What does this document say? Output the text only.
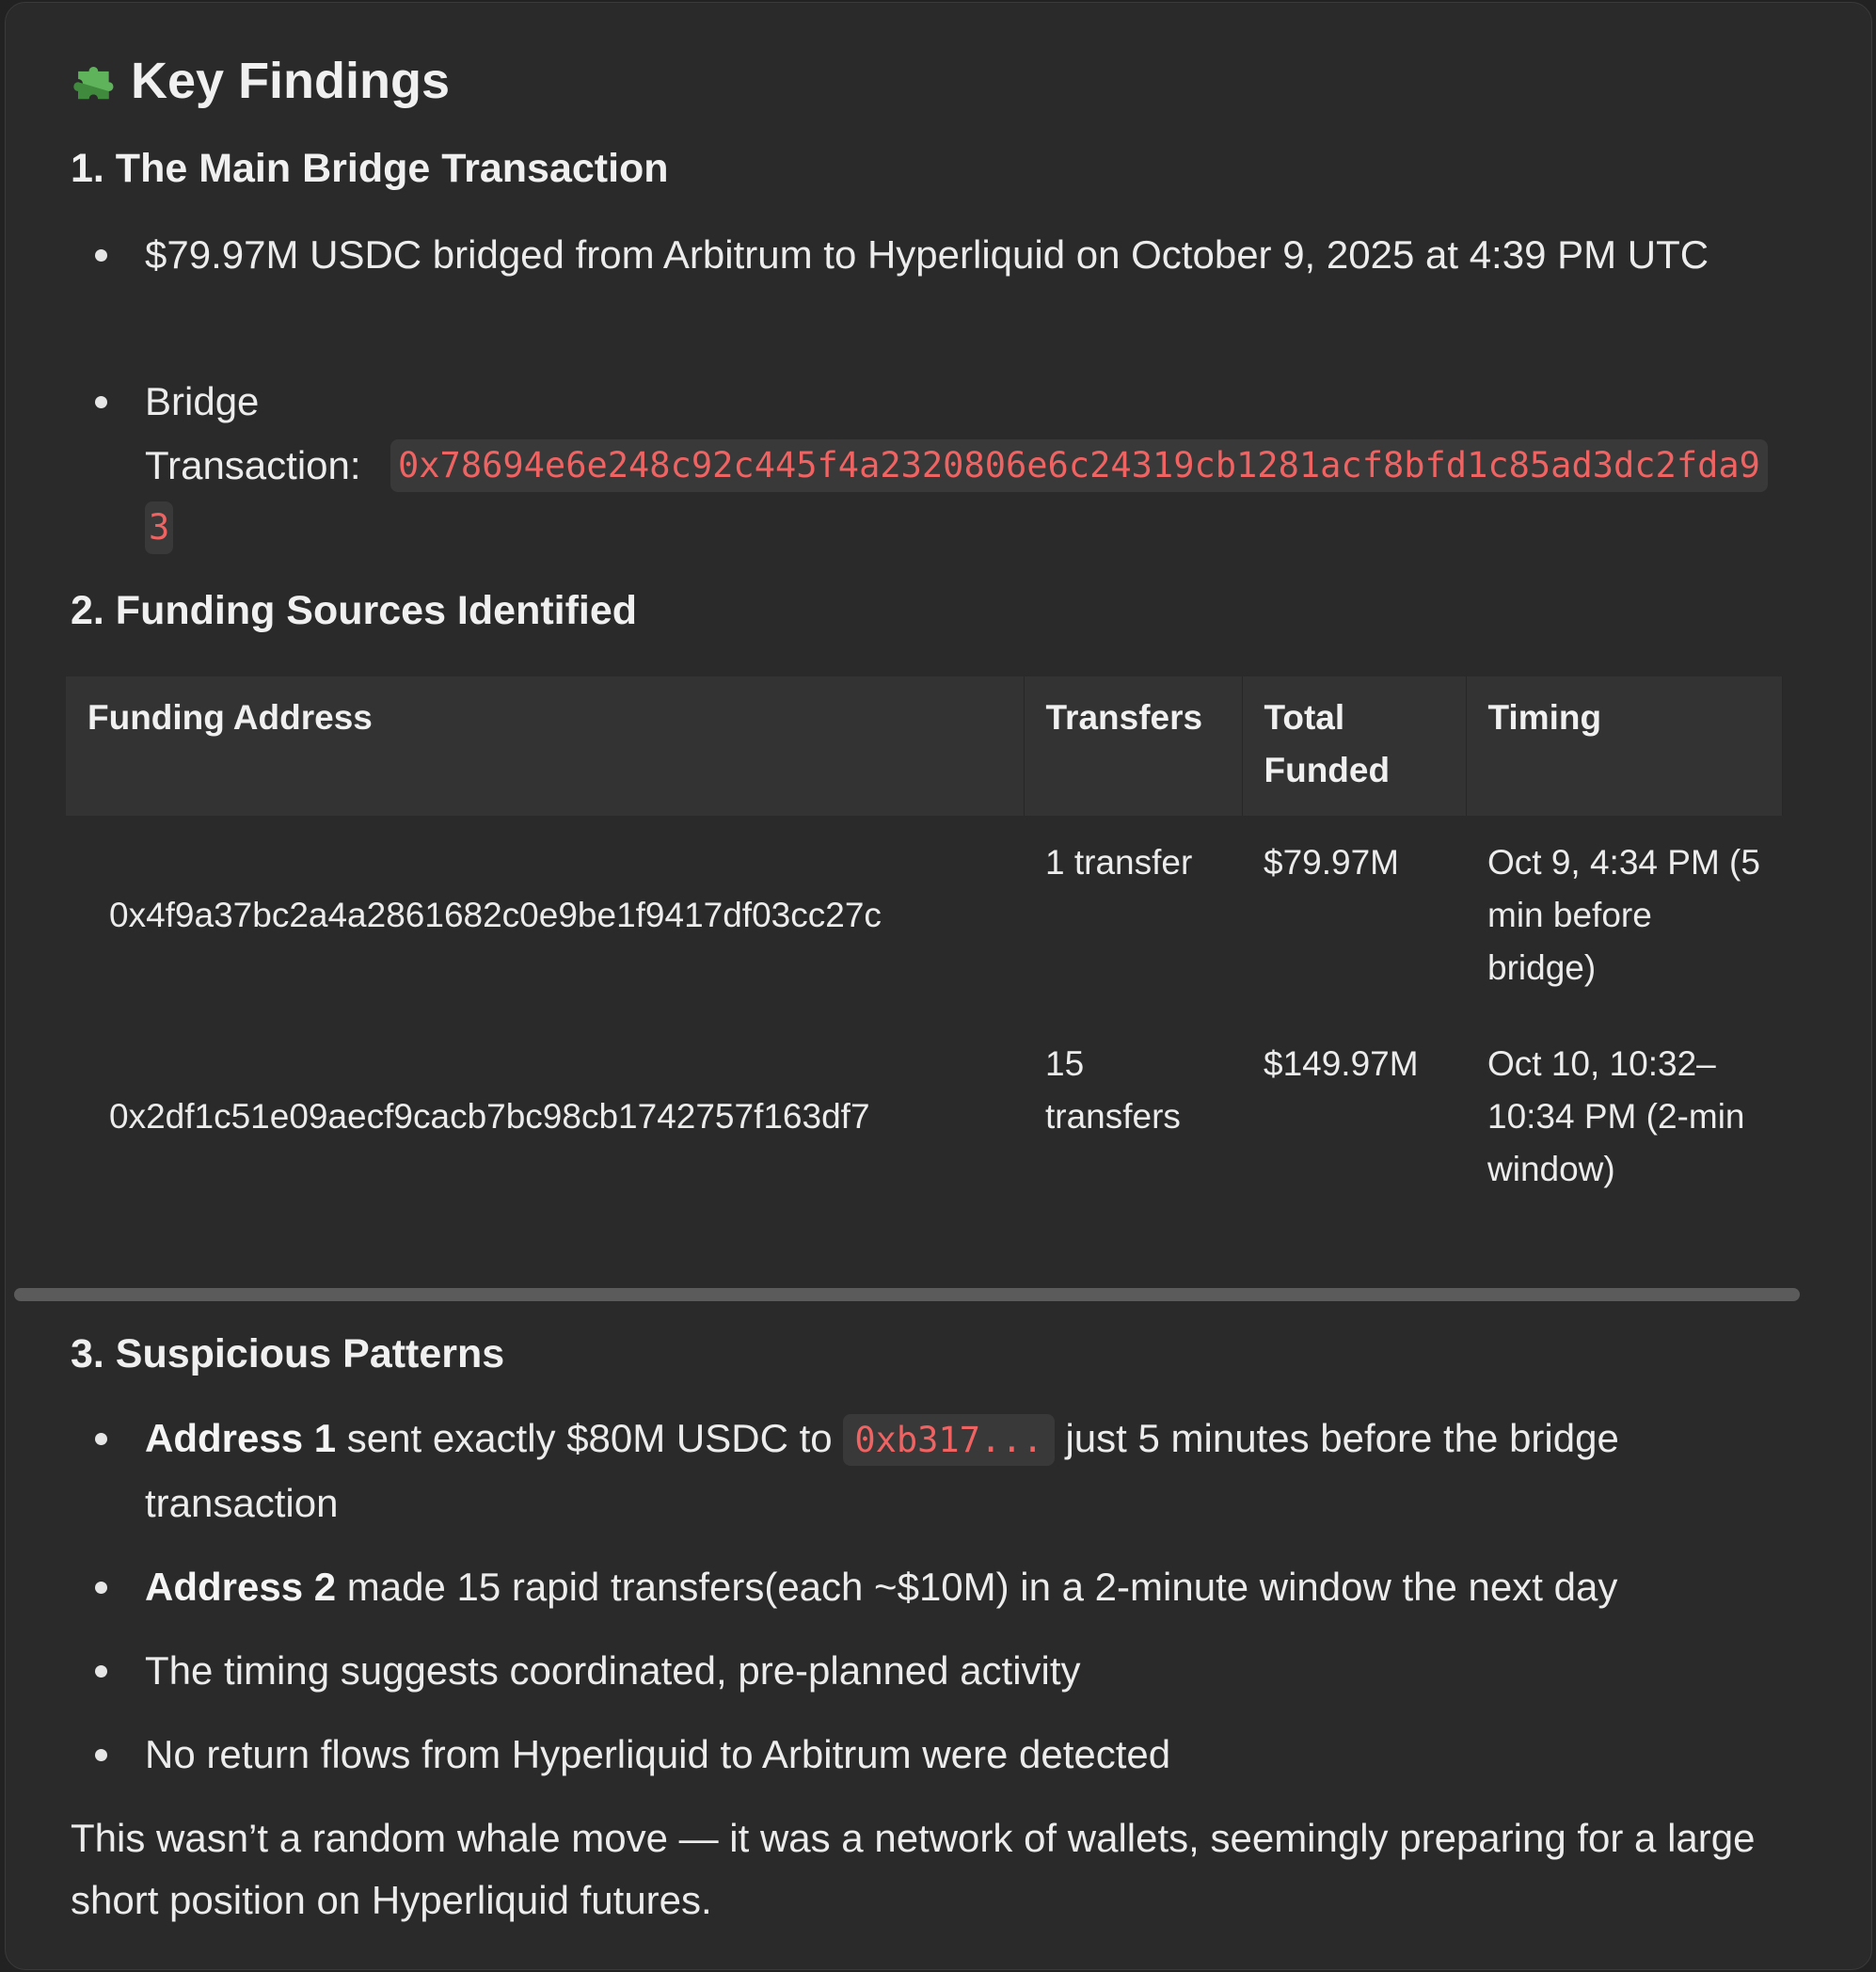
Key Findings
1. The Main Bridge Transaction
$79.97M USDC bridged from Arbitrum to Hyperliquid on October 9, 2025 at 4:39 PM UTC
Bridge
Transaction: 0x78694e6e248c92c445f4a2320806e6c24319cb1281acf8bfd1c85ad3dc2fda9
3
2. Funding Sources Identified
Funding Address	Transfers	Total Funded	Timing
0x4f9a37bc2a4a2861682c0e9be1f9417df03cc27c	1 transfer	$79.97M	Oct 9, 4:34 PM (5 min before bridge)
0x2df1c51e09aecf9cacb7bc98cb1742757f163df7	15 transfers	$149.97M	Oct 10, 10:32–10:34 PM (2-min window)
3. Suspicious Patterns
Address 1 sent exactly $80M USDC to 0xb317... just 5 minutes before the bridge transaction
Address 2 made 15 rapid transfers(each ~$10M) in a 2-minute window the next day
The timing suggests coordinated, pre-planned activity
No return flows from Hyperliquid to Arbitrum were detected

This wasn’t a random whale move — it was a network of wallets, seemingly preparing for a large short position on Hyperliquid futures.
